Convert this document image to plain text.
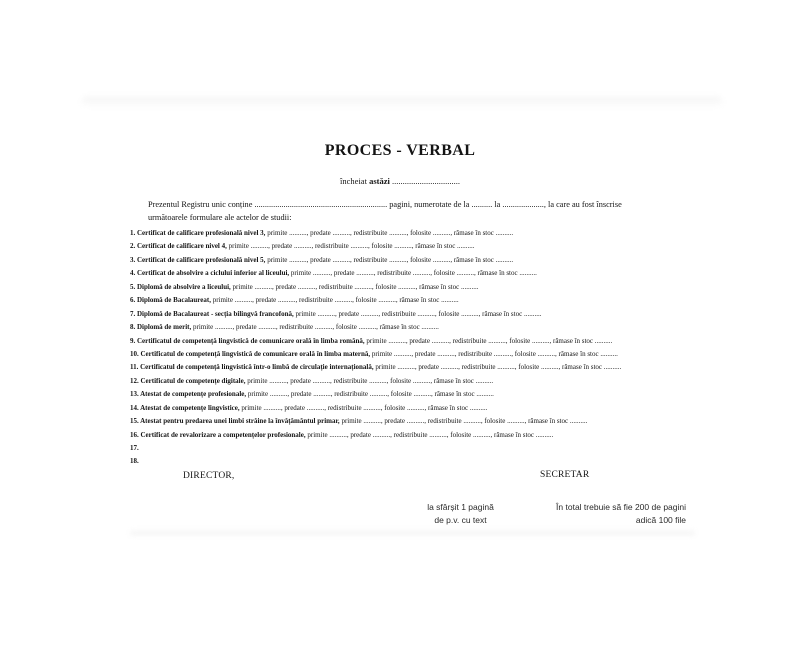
PROCES - VERBAL
încheiat astăzi ................................
Prezentul Registru unic conține ................................................................ pagini, numerotate de la .......... la ...................., la care au fost înscrise
următoarele formulare ale actelor de studii:
1. Certificat de calificare profesională nivel 3, primite .........., predate .........., redistribuite .........., folosite .........., rămase în stoc ..........
2. Certificat de calificare nivel 4, primite .........., predate .........., redistribuite .........., folosite .........., rămase în stoc ..........
3. Certificat de calificare profesională nivel 5, primite .........., predate .........., redistribuite .........., folosite .........., rămase în stoc ..........
4. Certificat de absolvire a ciclului inferior al liceului, primite .........., predate .........., redistribuite .........., folosite .........., rămase în stoc ..........
5. Diplomă de absolvire a liceului, primite .........., predate .........., redistribuite .........., folosite .........., rămase în stoc ..........
6. Diplomă de Bacalaureat, primite .........., predate .........., redistribuite .........., folosite .........., rămase în stoc ..........
7. Diplomă de Bacalaureat - secția bilingvă francofonă, primite .........., predate .........., redistribuite .........., folosite .........., rămase în stoc ..........
8. Diplomă de merit, primite .........., predate .........., redistribuite .........., folosite .........., rămase în stoc ..........
9. Certificatul de competență lingvistică de comunicare orală în limba română, primite .........., predate .........., redistribuite .........., folosite .........., rămase în stoc ..........
10. Certificatul de competență lingvistică de comunicare orală în limba maternă, primite .........., predate .........., redistribuite .........., folosite .........., rămase în stoc ..........
11. Certificatul de competență lingvistică într-o limbă de circulație internațională, primite .........., predate .........., redistribuite .........., folosite .........., rămase în stoc ..........
12. Certificatul de competențe digitale, primite .........., predate .........., redistribuite .........., folosite .........., rămase în stoc ..........
13. Atestat de competențe profesionale, primite .........., predate .........., redistribuite .........., folosite .........., rămase în stoc ..........
14. Atestat de competențe lingvistice, primite .........., predate .........., redistribuite .........., folosite .........., rămase în stoc ..........
15. Atestat pentru predarea unei limbi străine la învățământul primar, primite .........., predate .........., redistribuite .........., folosite .........., rămase în stoc ..........
16. Certificat de revalorizare a competențelor profesionale, primite .........., predate .........., redistribuite .........., folosite .........., rămase în stoc ..........
17.
18.
DIRECTOR,	SECRETAR
la sfârșit 1 pagină
de p.v. cu text
În total trebuie să fie 200 de pagini
adică 100 file
